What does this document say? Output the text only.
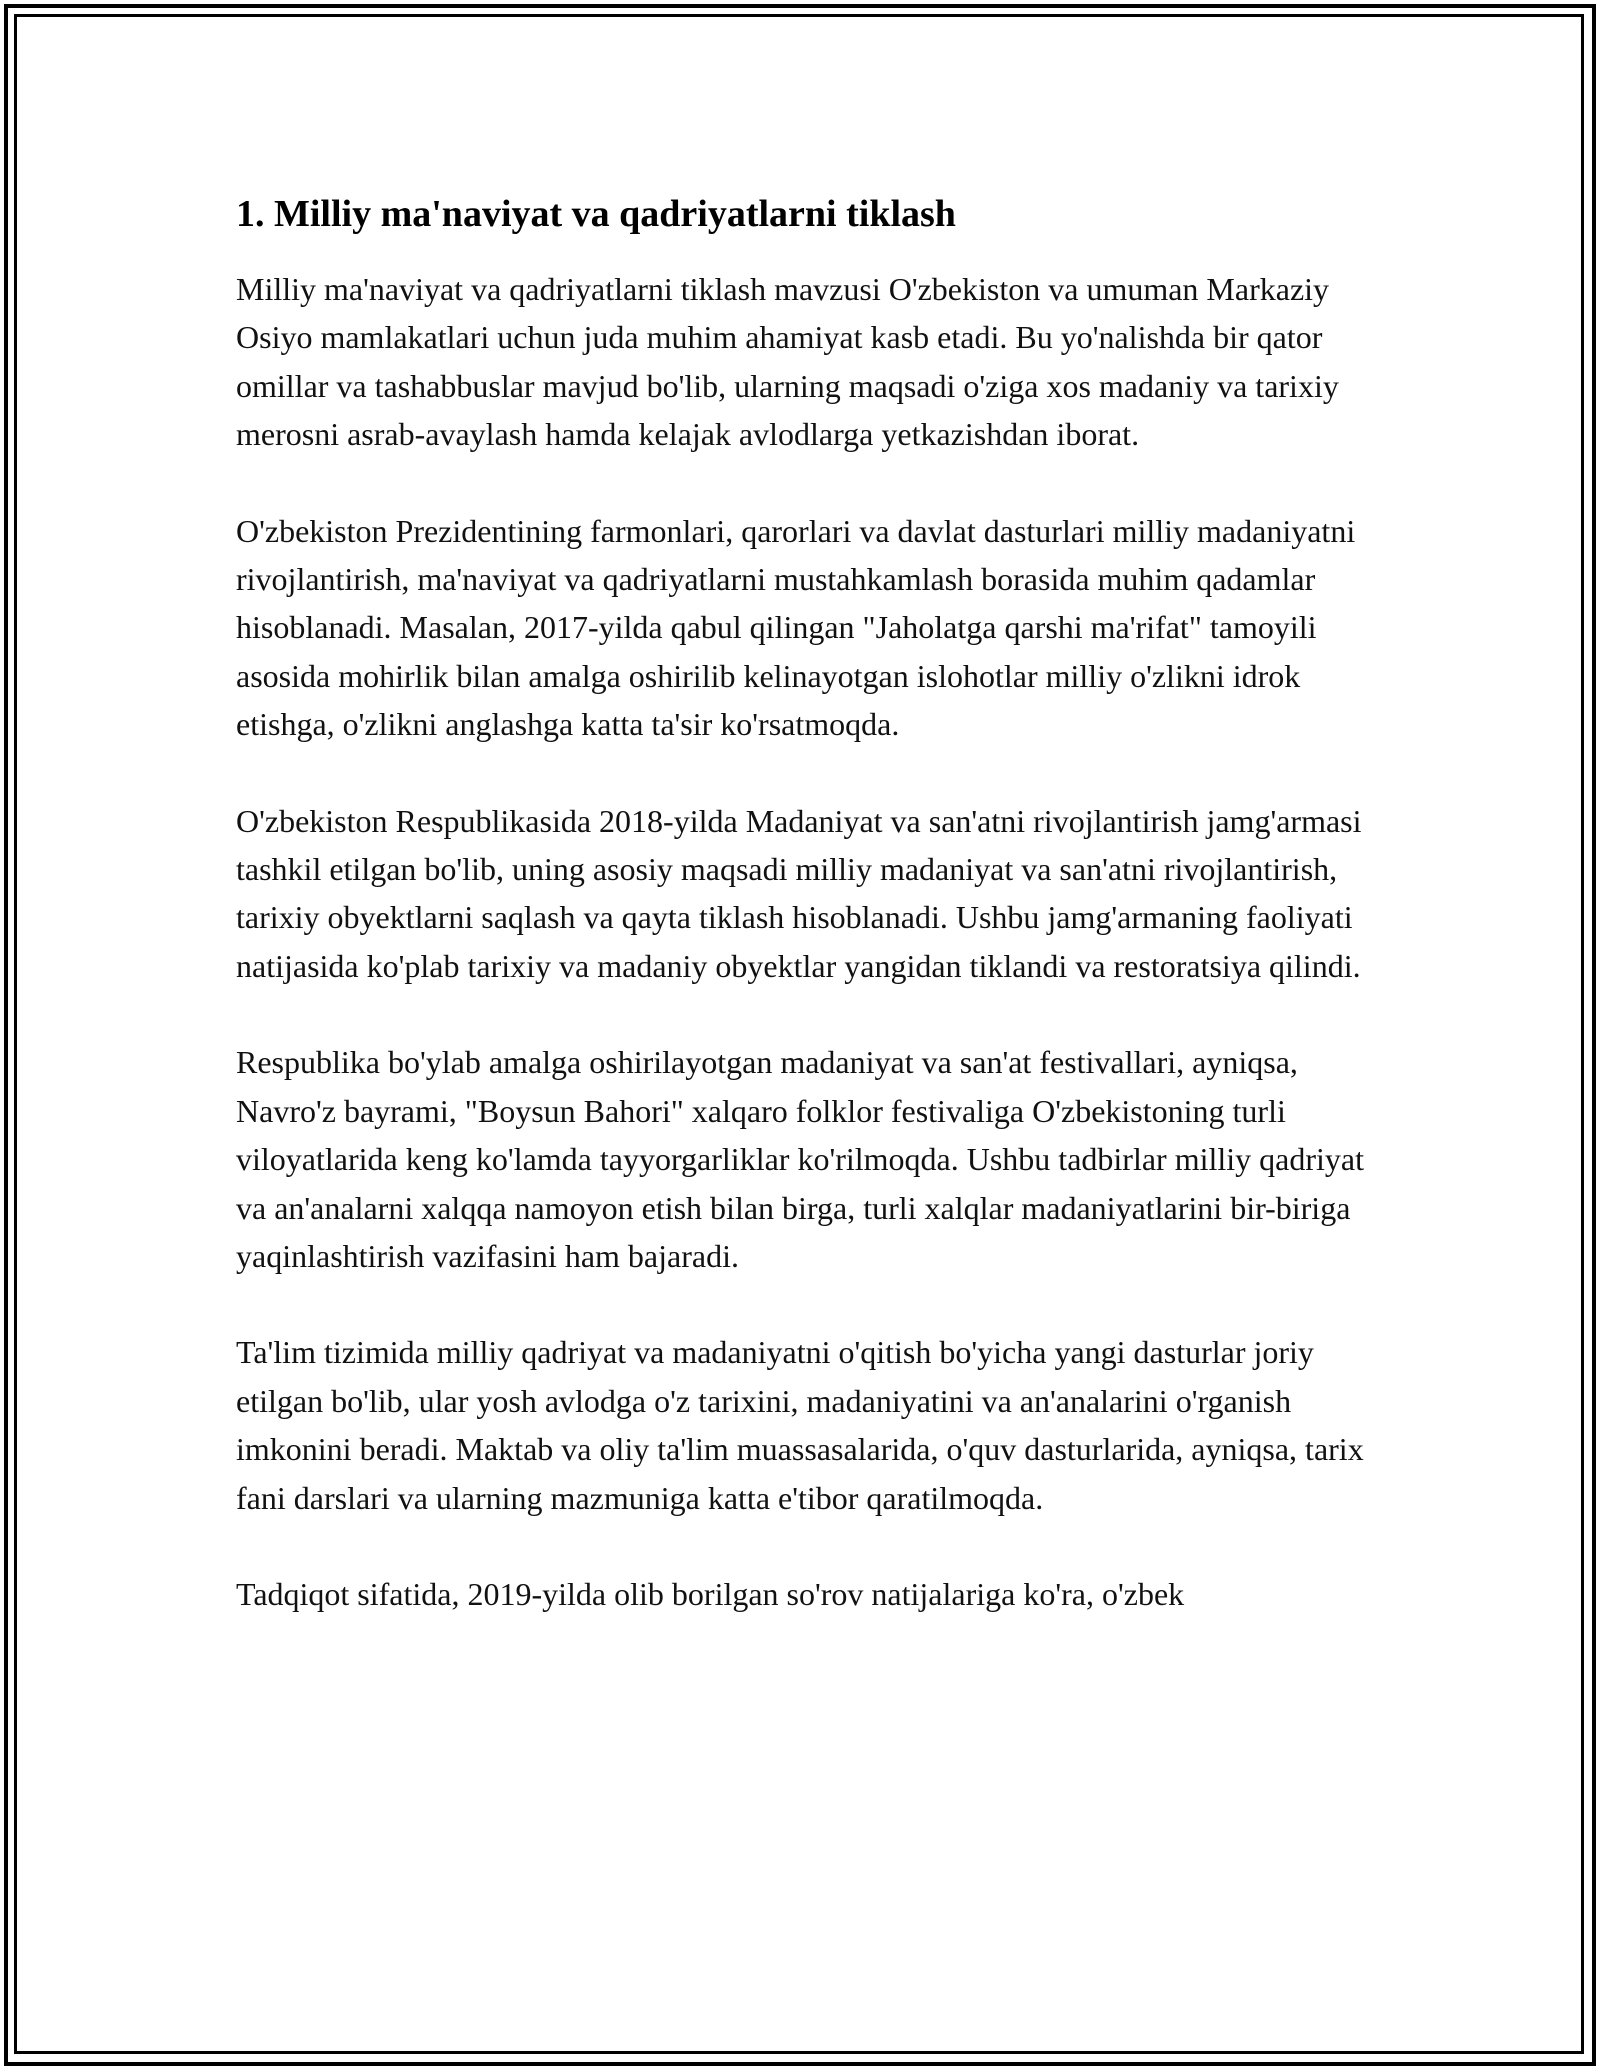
1. Milliy ma'naviyat va qadriyatlarni tiklash

Milliy ma'naviyat va qadriyatlarni tiklash mavzusi O'zbekiston va umuman Markaziy Osiyo mamlakatlari uchun juda muhim ahamiyat kasb etadi. Bu yo'nalishda bir qator omillar va tashabbuslar mavjud bo'lib, ularning maqsadi o'ziga xos madaniy va tarixiy merosni asrab-avaylash hamda kelajak avlodlarga yetkazishdan iborat.

O'zbekiston Prezidentining farmonlari, qarorlari va davlat dasturlari milliy madaniyatni rivojlantirish, ma'naviyat va qadriyatlarni mustahkamlash borasida muhim qadamlar hisoblanadi. Masalan, 2017-yilda qabul qilingan "Jaholatga qarshi ma'rifat" tamoyili asosida mohirlik bilan amalga oshirilib kelinayotgan islohotlar milliy o'zlikni idrok etishga, o'zlikni anglashga katta ta'sir ko'rsatmoqda.

O'zbekiston Respublikasida 2018-yilda Madaniyat va san'atni rivojlantirish jamg'armasi tashkil etilgan bo'lib, uning asosiy maqsadi milliy madaniyat va san'atni rivojlantirish, tarixiy obyektlarni saqlash va qayta tiklash hisoblanadi. Ushbu jamg'armaning faoliyati natijasida ko'plab tarixiy va madaniy obyektlar yangidan tiklandi va restoratsiya qilindi.

Respublika bo'ylab amalga oshirilayotgan madaniyat va san'at festivallari, ayniqsa, Navro'z bayrami, "Boysun Bahori" xalqaro folklor festivaliga O'zbekistoning turli viloyatlarida keng ko'lamda tayyorgarliklar ko'rilmoqda. Ushbu tadbirlar milliy qadriyat va an'analarni xalqqa namoyon etish bilan birga, turli xalqlar madaniyatlarini bir-biriga yaqinlashtirish vazifasini ham bajaradi.

Ta'lim tizimida milliy qadriyat va madaniyatni o'qitish bo'yicha yangi dasturlar joriy etilgan bo'lib, ular yosh avlodga o'z tarixini, madaniyatini va an'analarini o'rganish imkonini beradi. Maktab va oliy ta'lim muassasalarida, o'quv dasturlarida, ayniqsa, tarix fani darslari va ularning mazmuniga katta e'tibor qaratilmoqda.

Tadqiqot sifatida, 2019-yilda olib borilgan so'rov natijalariga ko'ra, o'zbek
